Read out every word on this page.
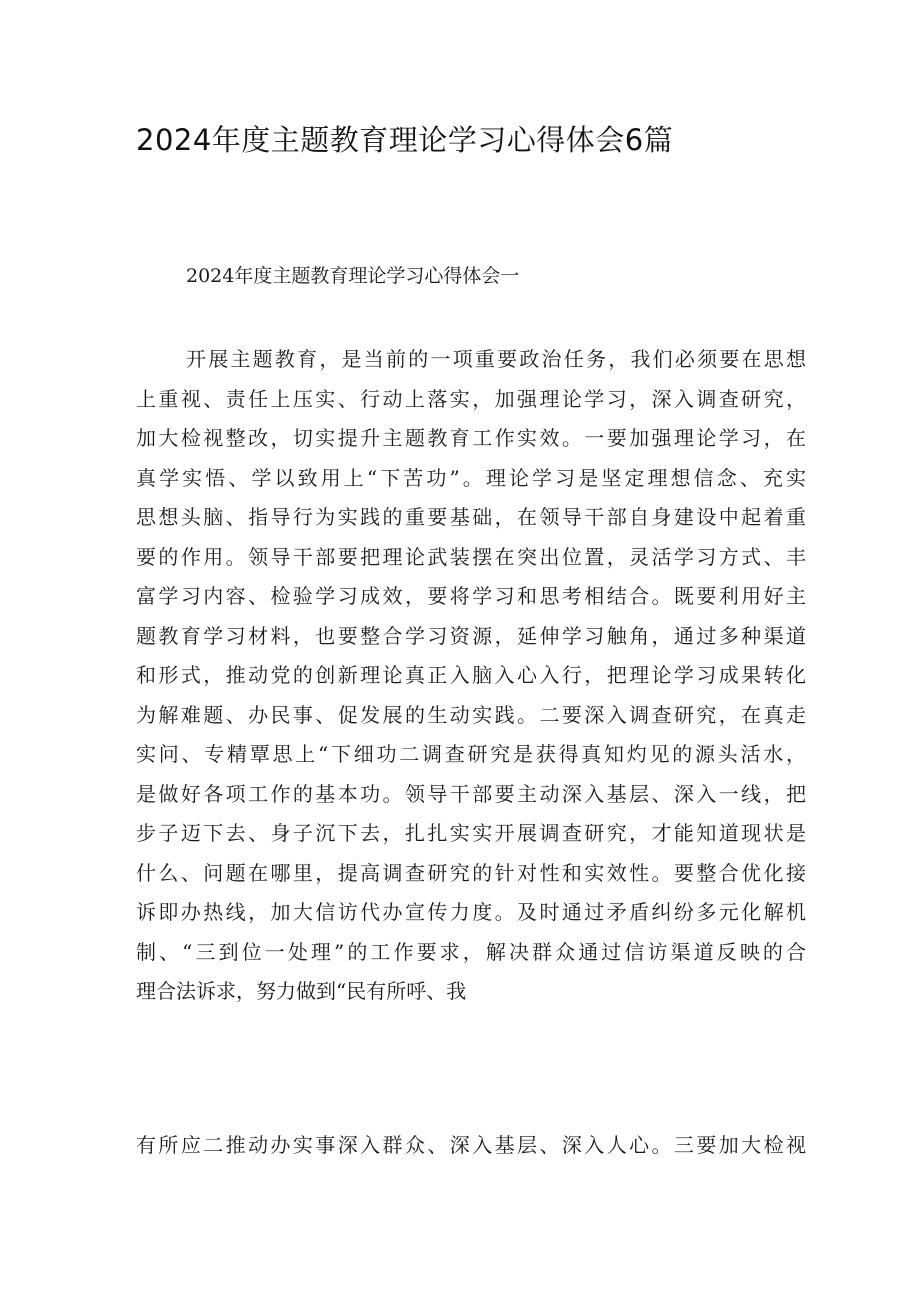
2024年度主题教育理论学习心得体会6篇
2024年度主题教育理论学习心得体会一
开展主题教育，是当前的一项重要政治任务，我们必须要在思想
上重视、责任上压实、行动上落实，加强理论学习，深入调查研究，
加大检视整改，切实提升主题教育工作实效。一要加强理论学习，在
真学实悟、学以致用上“下苦功”。理论学习是坚定理想信念、充实
思想头脑、指导行为实践的重要基础，在领导干部自身建设中起着重
要的作用。领导干部要把理论武装摆在突出位置，灵活学习方式、丰
富学习内容、检验学习成效，要将学习和思考相结合。既要利用好主
题教育学习材料，也要整合学习资源，延伸学习触角，通过多种渠道
和形式，推动党的创新理论真正入脑入心入行，把理论学习成果转化
为解难题、办民事、促发展的生动实践。二要深入调查研究，在真走
实问、专精覃思上“下细功二调查研究是获得真知灼见的源头活水，
是做好各项工作的基本功。领导干部要主动深入基层、深入一线，把
步子迈下去、身子沉下去，扎扎实实开展调查研究，才能知道现状是
什么、问题在哪里，提高调查研究的针对性和实效性。要整合优化接
诉即办热线，加大信访代办宣传力度。及时通过矛盾纠纷多元化解机
制、“三到位一处理”的工作要求，解决群众通过信访渠道反映的合
理合法诉求，努力做到“民有所呼、我
有所应二推动办实事深入群众、深入基层、深入人心。三要加大检视
